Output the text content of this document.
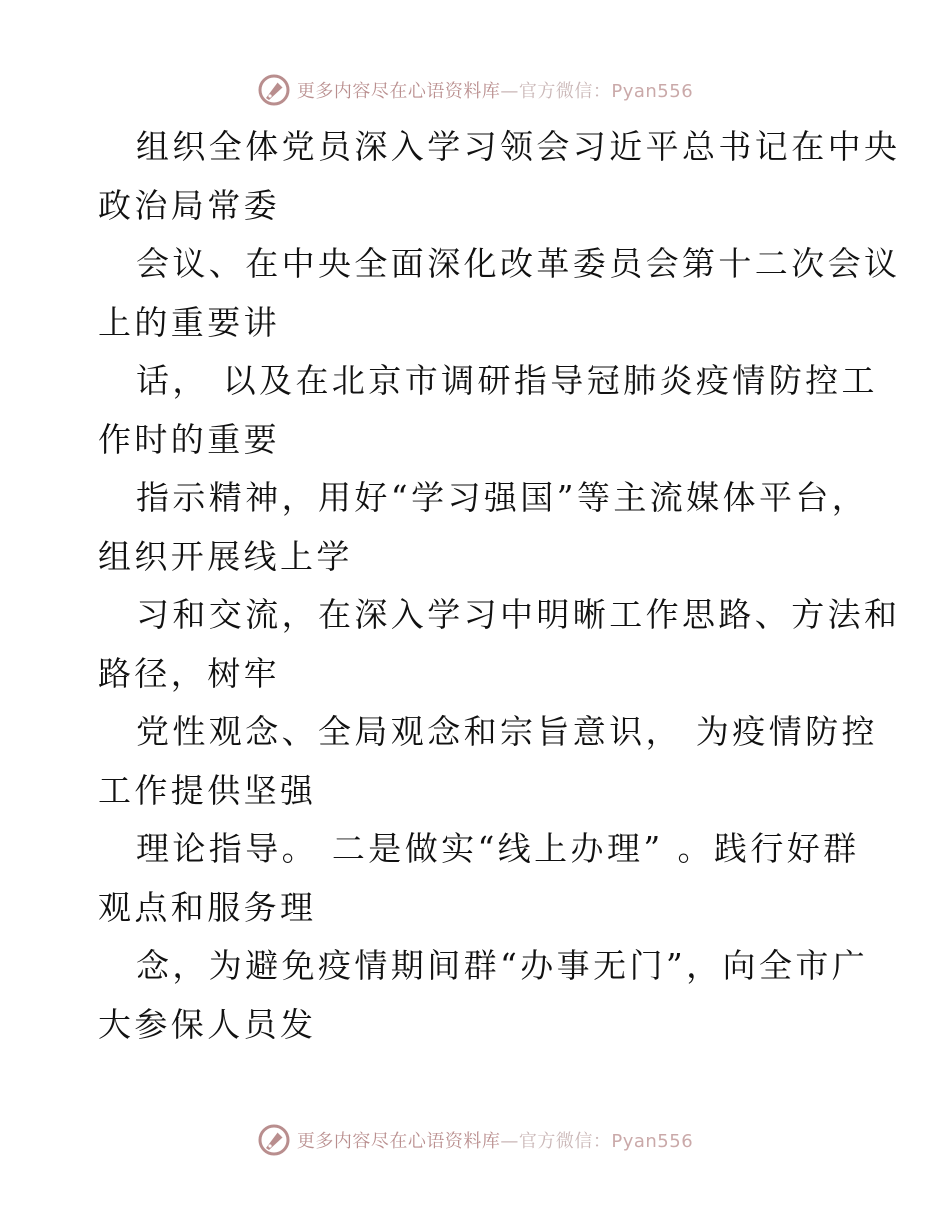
更多内容尽在心语资料库—官方微信：Pyan556
组织全体党员深入学习领会习近平总书记在中央
政治局常委
会议、在中央全面深化改革委员会第十二次会议
上的重要讲
话， 以及在北京市调研指导冠肺炎疫情防控工
作时的重要
指示精神，用好“学习强国”等主流媒体平台，
组织开展线上学
习和交流，在深入学习中明晰工作思路、方法和
路径，树牢
党性观念、全局观念和宗旨意识， 为疫情防控
工作提供坚强
理论指导。 二是做实“线上办理” 。践行好群
观点和服务理
念，为避免疫情期间群“办事无门”，向全市广
大参保人员发
更多内容尽在心语资料库—官方微信：Pyan556
